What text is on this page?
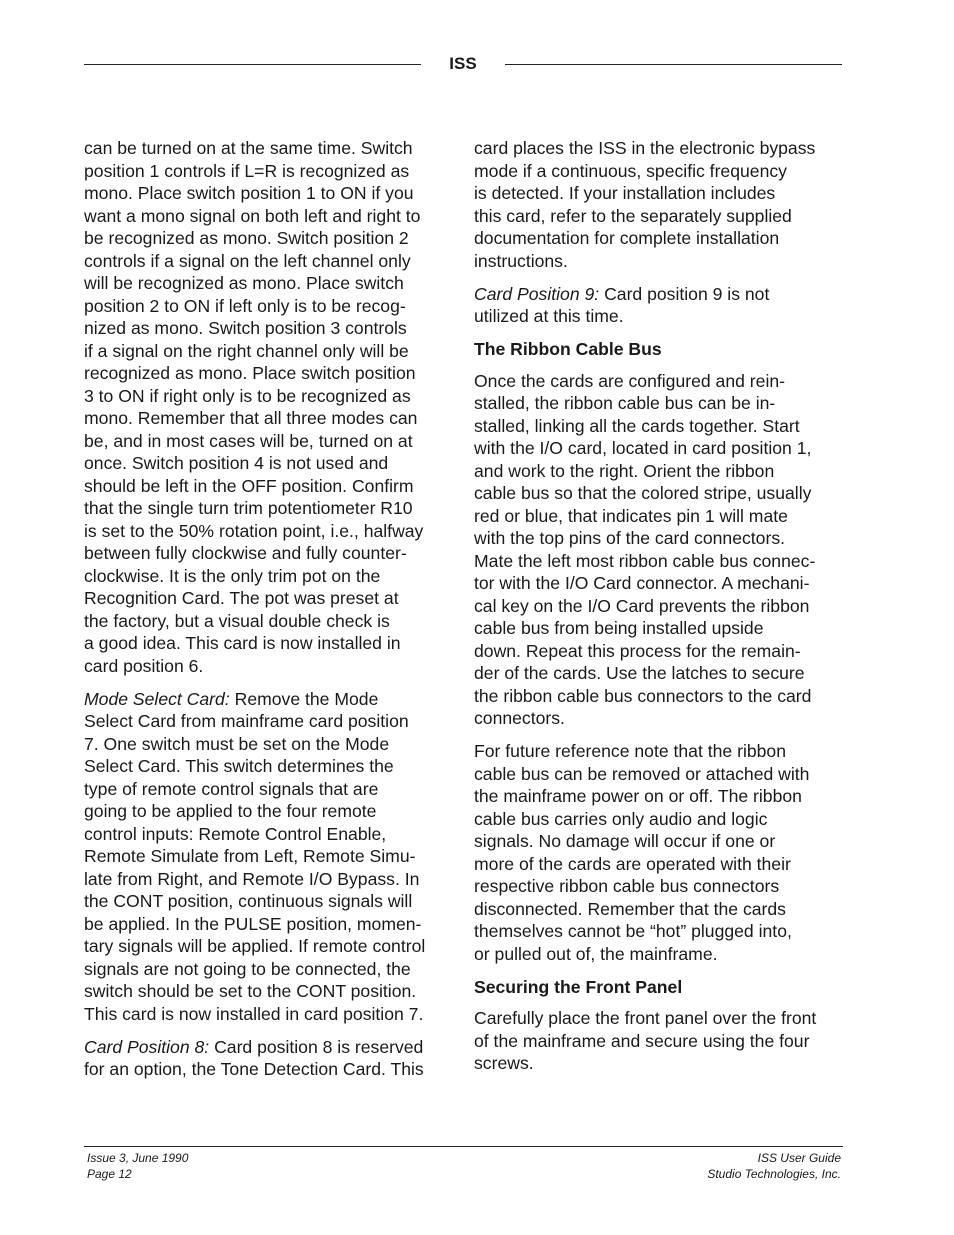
ISS

can be turned on at the same time. Switch
position 1 controls if L=R is recognized as
mono. Place switch position 1 to ON if you
want a mono signal on both left and right to
be recognized as mono. Switch position 2
controls if a signal on the left channel only
will be recognized as mono. Place switch
position 2 to ON if left only is to be recog-
nized as mono. Switch position 3 controls
if a signal on the right channel only will be
recognized as mono. Place switch position
3 to ON if right only is to be recognized as
mono. Remember that all three modes can
be, and in most cases will be, turned on at
once. Switch position 4 is not used and
should be left in the OFF position. Confirm
that the single turn trim potentiometer R10
is set to the 50% rotation point, i.e., halfway
between fully clockwise and fully counter-
clockwise. It is the only trim pot on the
Recognition Card. The pot was preset at
the factory, but a visual double check is
a good idea. This card is now installed in
card position 6.

Mode Select Card: Remove the Mode
Select Card from mainframe card position
7. One switch must be set on the Mode
Select Card. This switch determines the
type of remote control signals that are
going to be applied to the four remote
control inputs: Remote Control Enable,
Remote Simulate from Left, Remote Simu-
late from Right, and Remote I/O Bypass. In
the CONT position, continuous signals will
be applied. In the PULSE position, momen-
tary signals will be applied. If remote control
signals are not going to be connected, the
switch should be set to the CONT position.
This card is now installed in card position 7.

Card Position 8: Card position 8 is reserved
for an option, the Tone Detection Card. This

card places the ISS in the electronic bypass
mode if a continuous, specific frequency
is detected. If your installation includes
this card, refer to the separately supplied
documentation for complete installation
instructions.

Card Position 9: Card position 9 is not
utilized at this time.

The Ribbon Cable Bus

Once the cards are configured and rein-
stalled, the ribbon cable bus can be in-
stalled, linking all the cards together. Start
with the I/O card, located in card position 1,
and work to the right. Orient the ribbon
cable bus so that the colored stripe, usually
red or blue, that indicates pin 1 will mate
with the top pins of the card connectors.
Mate the left most ribbon cable bus connec-
tor with the I/O Card connector. A mechani-
cal key on the I/O Card prevents the ribbon
cable bus from being installed upside
down. Repeat this process for the remain-
der of the cards. Use the latches to secure
the ribbon cable bus connectors to the card
connectors.

For future reference note that the ribbon
cable bus can be removed or attached with
the mainframe power on or off. The ribbon
cable bus carries only audio and logic
signals. No damage will occur if one or
more of the cards are operated with their
respective ribbon cable bus connectors
disconnected. Remember that the cards
themselves cannot be “hot” plugged into,
or pulled out of, the mainframe.

Securing the Front Panel

Carefully place the front panel over the front
of the mainframe and secure using the four
screws.

Issue 3, June 1990
Page 12
ISS User Guide
Studio Technologies, Inc.
